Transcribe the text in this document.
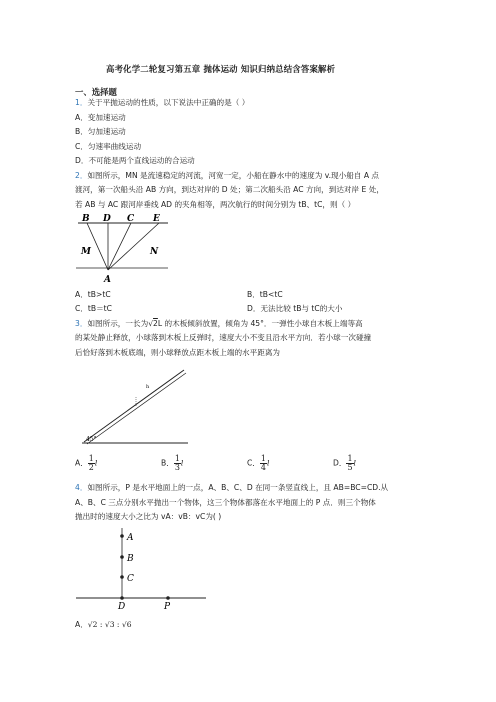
高考化学二轮复习第五章 抛体运动 知识归纳总结含答案解析
一、选择题
1．关于平抛运动的性质，以下说法中正确的是（ ）
A．变加速运动
B．匀加速运动
C．匀速率曲线运动
D．不可能是两个直线运动的合运动
2．如图所示，MN 是流速稳定的河流，河宽一定，小船在静水中的速度为 v.现小船自 A 点
渡河，第一次船头沿 AB 方向，到达对岸的 D 处；第二次船头沿 AC 方向，到达对岸 E 处，
若 AB 与 AC 跟河岸垂线 AD 的夹角相等，两次航行的时间分别为 tB、tC，则（ ）
B D C E
M	N
A
A．tB>tC	B．tB<tC
C．tB＝tC	D．无法比较 tB与 tC的大小
3．如图所示，一长为√2L 的木板倾斜放置，倾角为 45°．一弹性小球自木板上端等高
的某处静止释放，小球落到木板上反弹时，速度大小不变且沿水平方向．若小球一次碰撞
后恰好落到木板底端，则小球释放点距木板上端的水平距离为
h
45°
A． $\frac{1}{2}$ l	B． $\frac{1}{3}$ l	C． $\frac{1}{4}$ l	D． $\frac{1}{5}$ l
4．如图所示，P 是水平地面上的一点，A、B、C、D 在同一条竖直线上，且 AB=BC=CD.从
A、B、C 三点分别水平抛出一个物体，这三个物体都落在水平地面上的 P 点．则三个物体
抛出时的速度大小之比为 vA：vB：vC为( )
A
B
C
D	P
A．√2 : √3 : √6
